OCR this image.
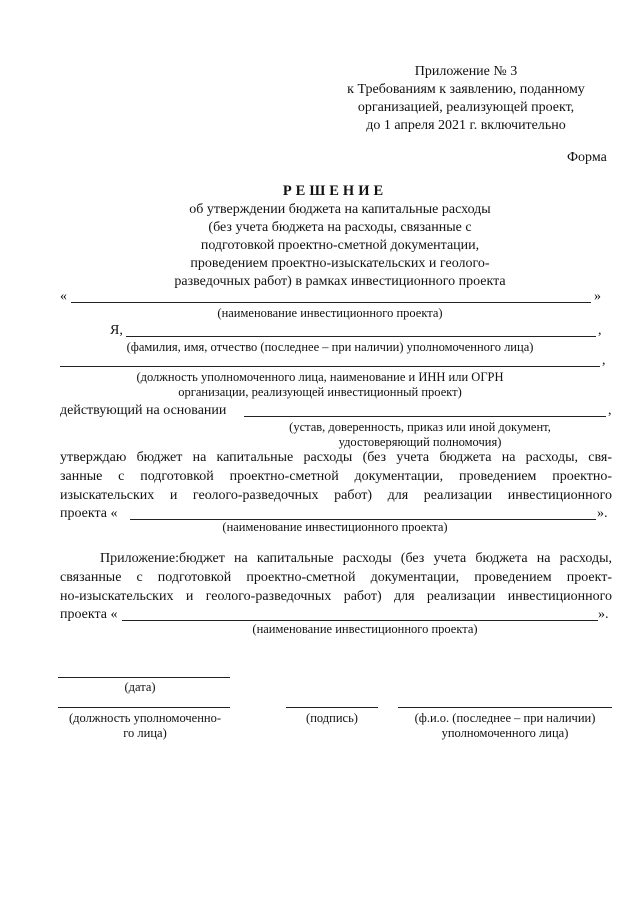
Приложение № 3
к Требованиям к заявлению, поданному
организацией, реализующей проект,
до 1 апреля 2021 г. включительно
Форма
РЕШЕНИЕ
об утверждении бюджета на капитальные расходы
(без учета бюджета на расходы, связанные с
подготовкой проектно-сметной документации,
проведением проектно-изыскательских и геолого-
разведочных работ) в рамках инвестиционного проекта
«	»
(наименование инвестиционного проекта)
Я,	,
(фамилия, имя, отчество (последнее – при наличии) уполномоченного лица)
,
(должность уполномоченного лица, наименование и ИНН или ОГРН
организации, реализующей инвестиционный проект)
действующий на основании	,
(устав, доверенность, приказ или иной документ,
удостоверяющий полномочия)
утверждаю бюджет на капитальные расходы (без учета бюджета на расходы, свя-
занные с подготовкой проектно-сметной документации, проведением проектно-
изыскательских и геолого-разведочных работ) для реализации инвестиционного
проекта «	».
(наименование инвестиционного проекта)
Приложение:бюджет на капитальные расходы (без учета бюджета на расходы,
связанные с подготовкой проектно-сметной документации, проведением проект-
но-изыскательских и геолого-разведочных работ) для реализации инвестиционного
проекта «	».
(наименование инвестиционного проекта)
(дата)
(должность уполномоченно-
го лица)
(подпись)	(ф.и.о. (последнее – при наличии)
уполномоченного лица)
